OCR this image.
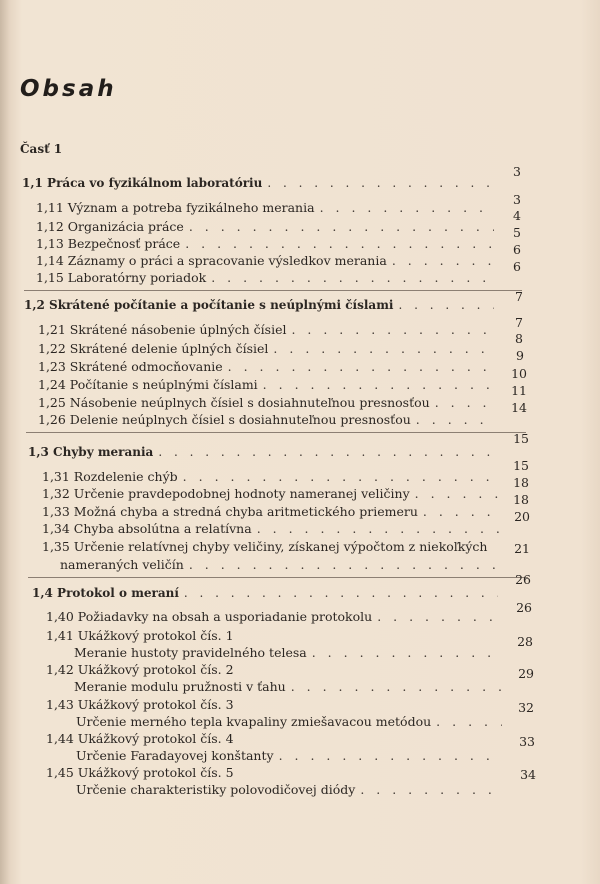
Obsah
Časť 1
1,1 Práca vo fyzikálnom laboratóriu
. . .
3
1,11 Význam a potreba fyzikálneho merania
. . .
3
1,12 Organizácia práce
. . .
4
1,13 Bezpečnosť práce
. . .
5
1,14 Záznamy o práci a spracovanie výsledkov merania
. . .
6
1,15 Laboratórny poriadok
. . .
6
1,2 Skrátené počítanie a počítanie s neúplnými číslami
. . .
7
1,21 Skrátené násobenie úplných čísiel
. . .	7
1,22 Skrátené delenie úplných čísiel
. . .
8
1,23 Skrátené odmocňovanie
. . .
9
1,24 Počítanie s neúplnými číslami
. . .
10
1,25 Násobenie neúplnych čísiel s dosiahnuteľnou presnosťou
. . .
11
1,26 Delenie neúplnych čísiel s dosiahnuteľnou presnosťou
. . .
14
1,3 Chyby merania
. . .
15
1,31 Rozdelenie chýb
. . .
15
1,32 Určenie pravdepodobnej hodnoty nameranej veličiny
. . .
18
1,33 Možná chyba a stredná chyba aritmetického priemeru
. . .
18
1,34 Chyba absolútna a relatívna
. . .
20
1,35 Určenie relatívnej chyby veličiny, získanej výpočtom z niekoľkých
nameraných veličín
. . .
21
1,4 Protokol o meraní
. . .
26
1,40 Požiadavky na obsah a usporiadanie protokolu
. . .
26
1,41 Ukážkový protokol čís. 1
Meranie hustoty pravidelného telesa
. . .
28
1,42 Ukážkový protokol čís. 2
Meranie modulu pružnosti v ťahu
. . .
29
1,43 Ukážkový protokol čís. 3
Určenie merného tepla kvapaliny zmiešavacou metódou
. . .
32
1,44 Ukážkový protokol čís. 4
Určenie Faradayovej konštanty
. . .
33
1,45 Ukážkový protokol čís. 5
Určenie charakteristiky polovodičovej diódy
. . .
34
